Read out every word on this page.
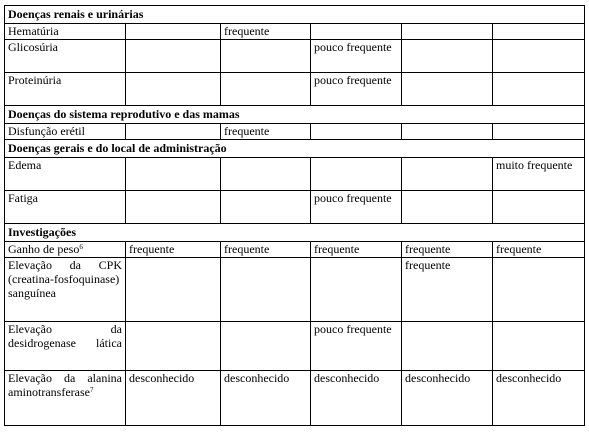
Doenças renais e urinárias					
Hematúria		frequente			
Glicosúria			pouco frequente		
Proteinúria			pouco frequente		
Doenças do sistema reprodutivo e das mamas					
Disfunção erétil		frequente			
Doenças gerais e do local de administração					
Edema					muito frequente
Fatiga			pouco frequente		
Investigações					
Ganho de peso$^6$	frequente	frequente	frequente	frequente	frequente
Elevação da CPK (creatina-fosfoquinase) sanguínea				frequente	
Elevação da desidrogenase lática			pouco frequente		
Elevação da alanina aminotransferase$^7$	desconhecido	desconhecido	desconhecido	desconhecido	desconhecido
